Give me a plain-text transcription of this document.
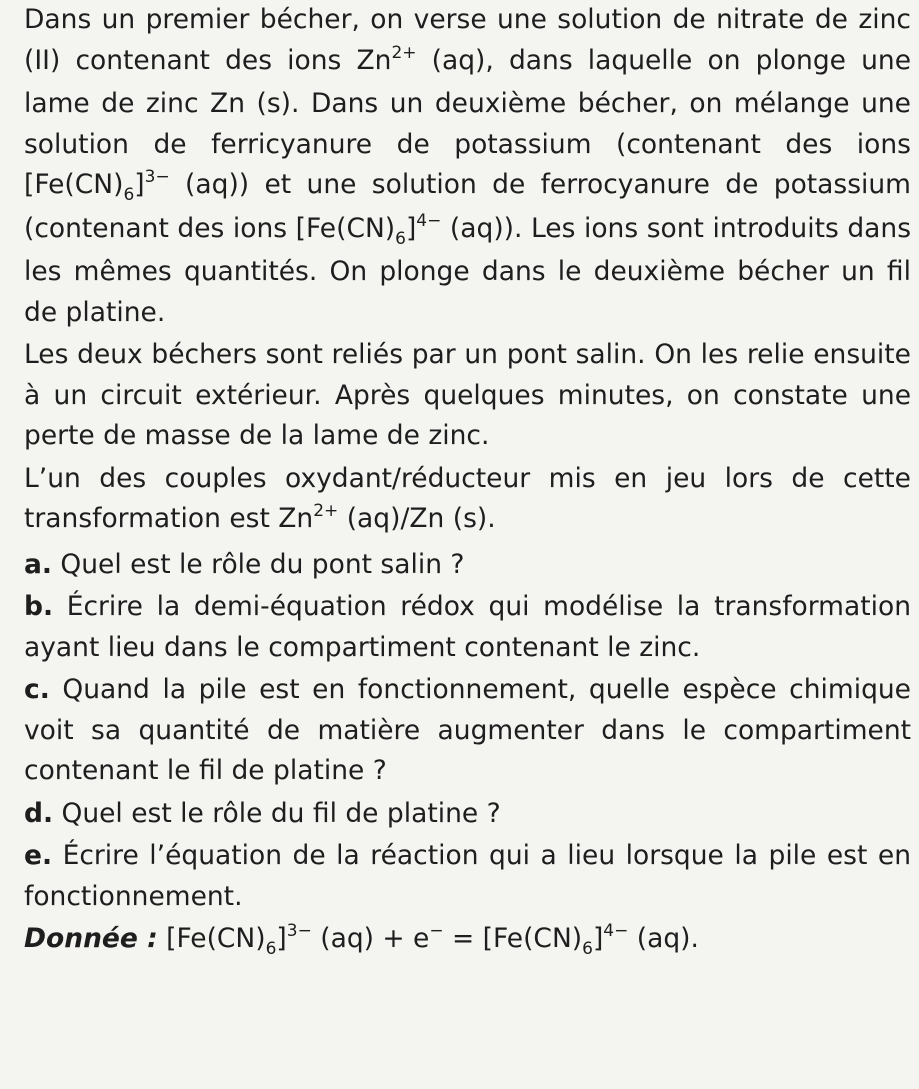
Dans un premier bécher, on verse une solution de nitrate de zinc (II) contenant des ions $Zn^{2+}$ (aq), dans laquelle on plonge une lame de zinc Zn (s). Dans un deuxième bécher, on mélange une solution de ferricyanure de potassium (contenant des ions $[Fe(CN)_6]^{3-}$ (aq)) et une solution de ferrocyanure de potassium (contenant des ions $[Fe(CN)_6]^{4-}$ (aq)). Les ions sont introduits dans les mêmes quantités. On plonge dans le deuxième bécher un fil de platine.

Les deux béchers sont reliés par un pont salin. On les relie ensuite à un circuit extérieur. Après quelques minutes, on constate une perte de masse de la lame de zinc.

L’un des couples oxydant/réducteur mis en jeu lors de cette transformation est $Zn^{2+}$ (aq)/Zn (s).

a. Quel est le rôle du pont salin ?

b. Écrire la demi-équation rédox qui modélise la transformation ayant lieu dans le compartiment contenant le zinc.

c. Quand la pile est en fonctionnement, quelle espèce chimique voit sa quantité de matière augmenter dans le compartiment contenant le fil de platine ?

d. Quel est le rôle du fil de platine ?

e. Écrire l’équation de la réaction qui a lieu lorsque la pile est en fonctionnement.

Donnée : $[Fe(CN)_6]^{3-}$ $(aq) + e^- = [Fe(CN)_6]^{4-}$ (aq).
